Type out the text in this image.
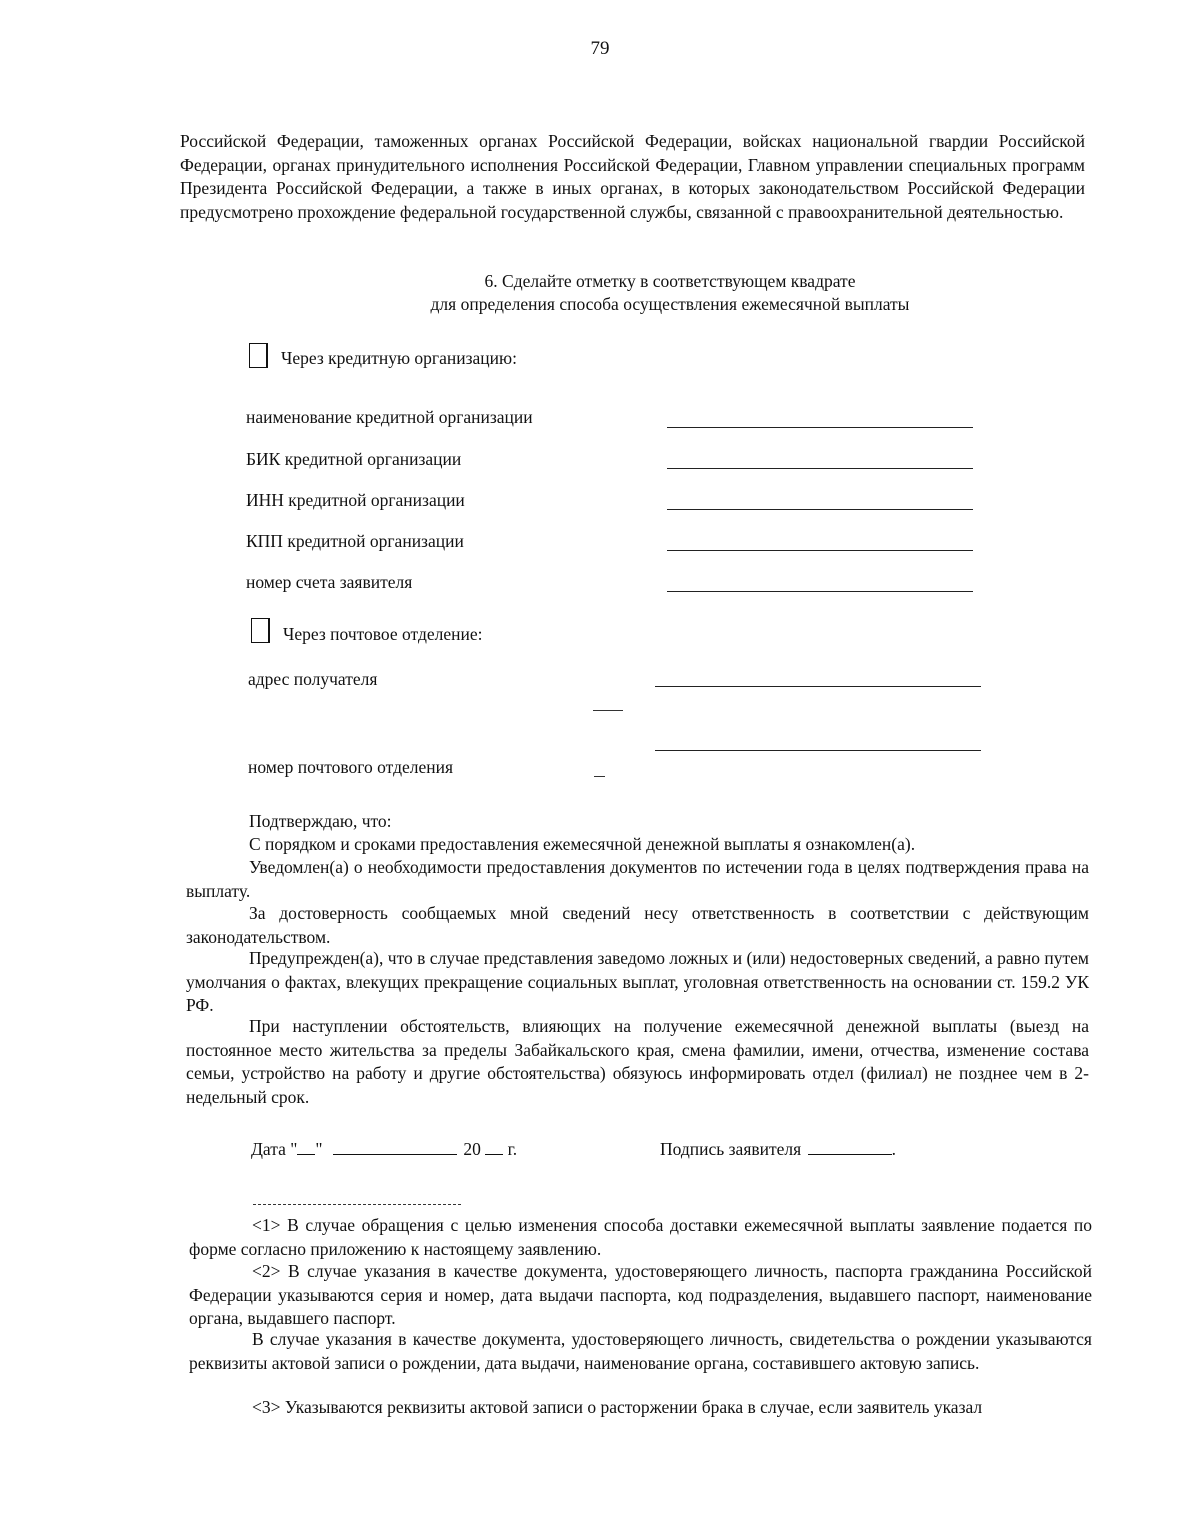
79
Российской Федерации, таможенных органах Российской Федерации, войсках национальной гвардии Российской Федерации, органах принудительного исполнения Российской Федерации, Главном управлении специальных программ Президента Российской Федерации, а также в иных органах, в которых законодательством Российской Федерации предусмотрено прохождение федеральной государственной службы, связанной с правоохранительной деятельностью.
6. Сделайте отметку в соответствующем квадрате
для определения способа осуществления ежемесячной выплаты
Через кредитную организацию:
наименование кредитной организации
БИК кредитной организации
ИНН кредитной организации
КПП кредитной организации
номер счета заявителя
Через почтовое отделение:
адрес получателя
номер почтового отделения
Подтверждаю, что:
С порядком и сроками предоставления ежемесячной денежной выплаты я ознакомлен(а).
Уведомлен(а) о необходимости предоставления документов по истечении года в целях подтверждения права на выплату.
За достоверность сообщаемых мной сведений несу ответственность в соответствии с действующим законодательством.
Предупрежден(а), что в случае представления заведомо ложных и (или) недостоверных сведений, а равно путем умолчания о фактах, влекущих прекращение социальных выплат, уголовная ответственность на основании ст. 159.2 УК РФ.
При наступлении обстоятельств, влияющих на получение ежемесячной денежной выплаты (выезд на постоянное место жительства за пределы Забайкальского края, смена фамилии, имени, отчества, изменение состава семьи, устройство на работу и другие обстоятельства) обязуюсь информировать отдел (филиал) не позднее чем в 2-недельный срок.
Дата " "	20 г.	Подпись заявителя	.
<1> В случае обращения с целью изменения способа доставки ежемесячной выплаты заявление подается по форме согласно приложению к настоящему заявлению.
<2> В случае указания в качестве документа, удостоверяющего личность, паспорта гражданина Российской Федерации указываются серия и номер, дата выдачи паспорта, код подразделения, выдавшего паспорт, наименование органа, выдавшего паспорт.
В случае указания в качестве документа, удостоверяющего личность, свидетельства о рождении указываются реквизиты актовой записи о рождении, дата выдачи, наименование органа, составившего актовую запись.
<3> Указываются реквизиты актовой записи о расторжении брака в случае, если заявитель указал
